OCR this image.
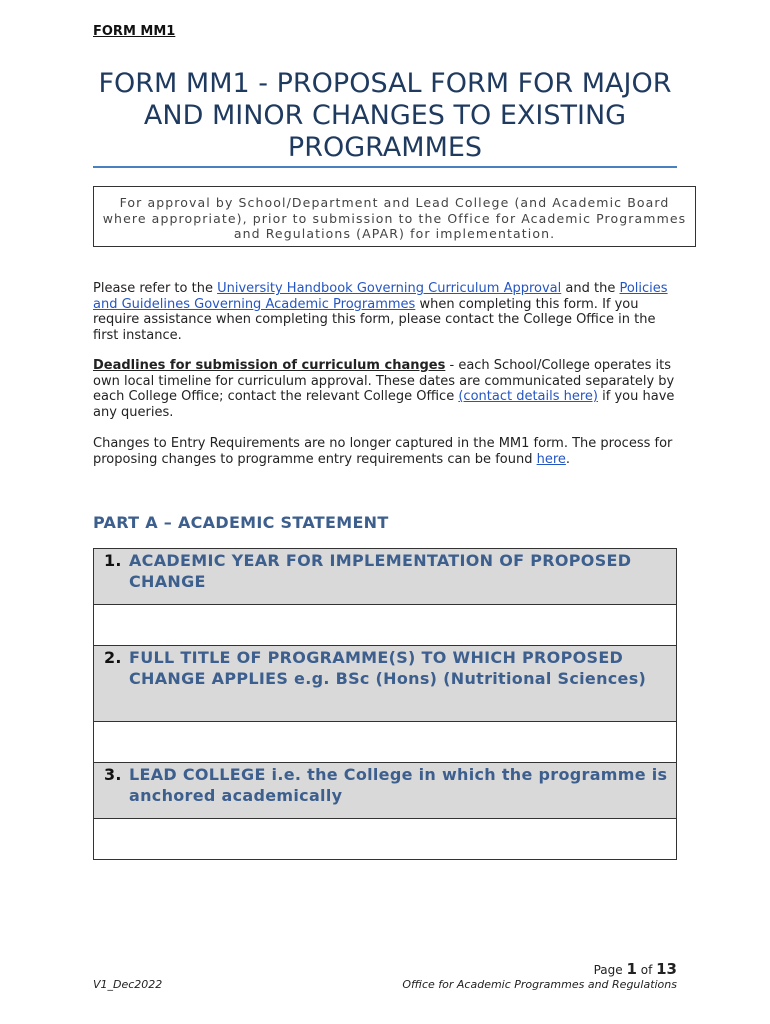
FORM MM1
FORM MM1 - PROPOSAL FORM FOR MAJOR AND MINOR CHANGES TO EXISTING PROGRAMMES
For approval by School/Department and Lead College (and Academic Board where appropriate), prior to submission to the Office for Academic Programmes and Regulations (APAR) for implementation.

Please refer to the University Handbook Governing Curriculum Approval and the Policies and Guidelines Governing Academic Programmes when completing this form. If you require assistance when completing this form, please contact the College Office in the first instance.

Deadlines for submission of curriculum changes - each School/College operates its own local timeline for curriculum approval. These dates are communicated separately by each College Office; contact the relevant College Office (contact details here) if you have any queries.

Changes to Entry Requirements are no longer captured in the MM1 form. The process for proposing changes to programme entry requirements can be found here.

PART A – ACADEMIC STATEMENT
1. ACADEMIC YEAR FOR IMPLEMENTATION OF PROPOSED CHANGE

2. FULL TITLE OF PROGRAMME(S) TO WHICH PROPOSED CHANGE APPLIES e.g. BSc (Hons) (Nutritional Sciences)

3. LEAD COLLEGE i.e. the College in which the programme is anchored academically

Page 1 of 13
V1_Dec2022	Office for Academic Programmes and Regulations
